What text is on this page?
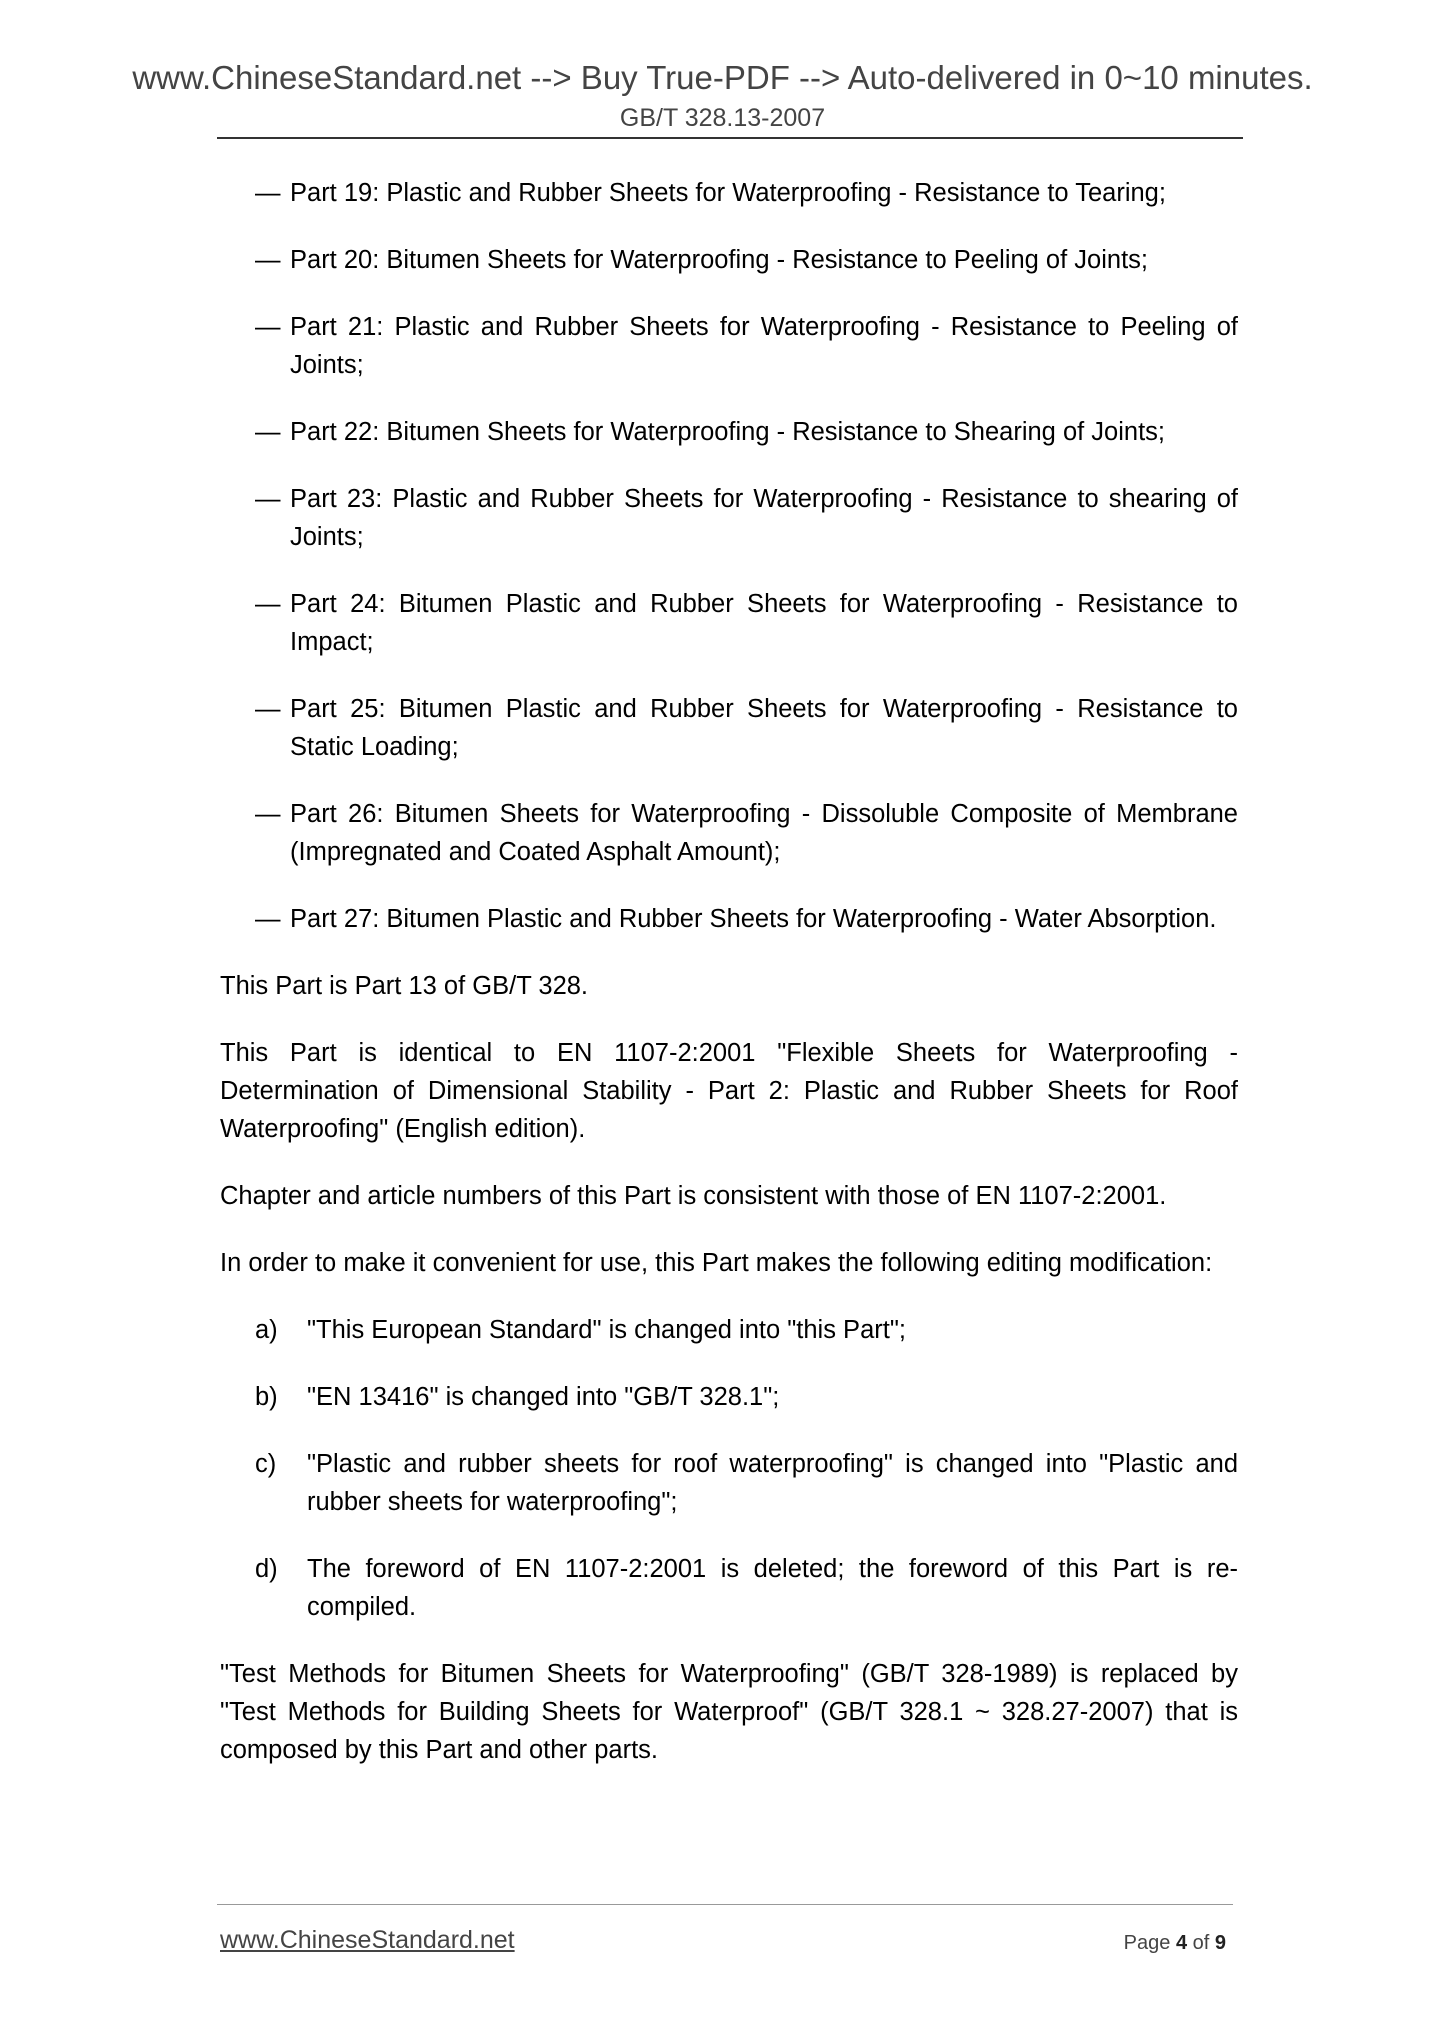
www.ChineseStandard.net --> Buy True-PDF --> Auto-delivered in 0~10 minutes.
GB/T 328.13-2007
— Part 19: Plastic and Rubber Sheets for Waterproofing - Resistance to Tearing;
— Part 20: Bitumen Sheets for Waterproofing - Resistance to Peeling of Joints;
— Part 21: Plastic and Rubber Sheets for Waterproofing - Resistance to Peeling of Joints;
— Part 22: Bitumen Sheets for Waterproofing - Resistance to Shearing of Joints;
— Part 23: Plastic and Rubber Sheets for Waterproofing - Resistance to shearing of Joints;
— Part 24: Bitumen Plastic and Rubber Sheets for Waterproofing - Resistance to Impact;
— Part 25: Bitumen Plastic and Rubber Sheets for Waterproofing - Resistance to Static Loading;
— Part 26: Bitumen Sheets for Waterproofing - Dissoluble Composite of Membrane (Impregnated and Coated Asphalt Amount);
— Part 27: Bitumen Plastic and Rubber Sheets for Waterproofing - Water Absorption.

This Part is Part 13 of GB/T 328.

This Part is identical to EN 1107-2:2001 "Flexible Sheets for Waterproofing - Determination of Dimensional Stability - Part 2: Plastic and Rubber Sheets for Roof Waterproofing" (English edition).

Chapter and article numbers of this Part is consistent with those of EN 1107-2:2001.

In order to make it convenient for use, this Part makes the following editing modification:

a) "This European Standard" is changed into "this Part";
b) "EN 13416" is changed into "GB/T 328.1";
c) "Plastic and rubber sheets for roof waterproofing" is changed into "Plastic and rubber sheets for waterproofing";
d) The foreword of EN 1107-2:2001 is deleted; the foreword of this Part is re-compiled.

"Test Methods for Bitumen Sheets for Waterproofing" (GB/T 328-1989) is replaced by "Test Methods for Building Sheets for Waterproof" (GB/T 328.1 ~ 328.27-2007) that is composed by this Part and other parts.

www.ChineseStandard.net	Page 4 of 9
